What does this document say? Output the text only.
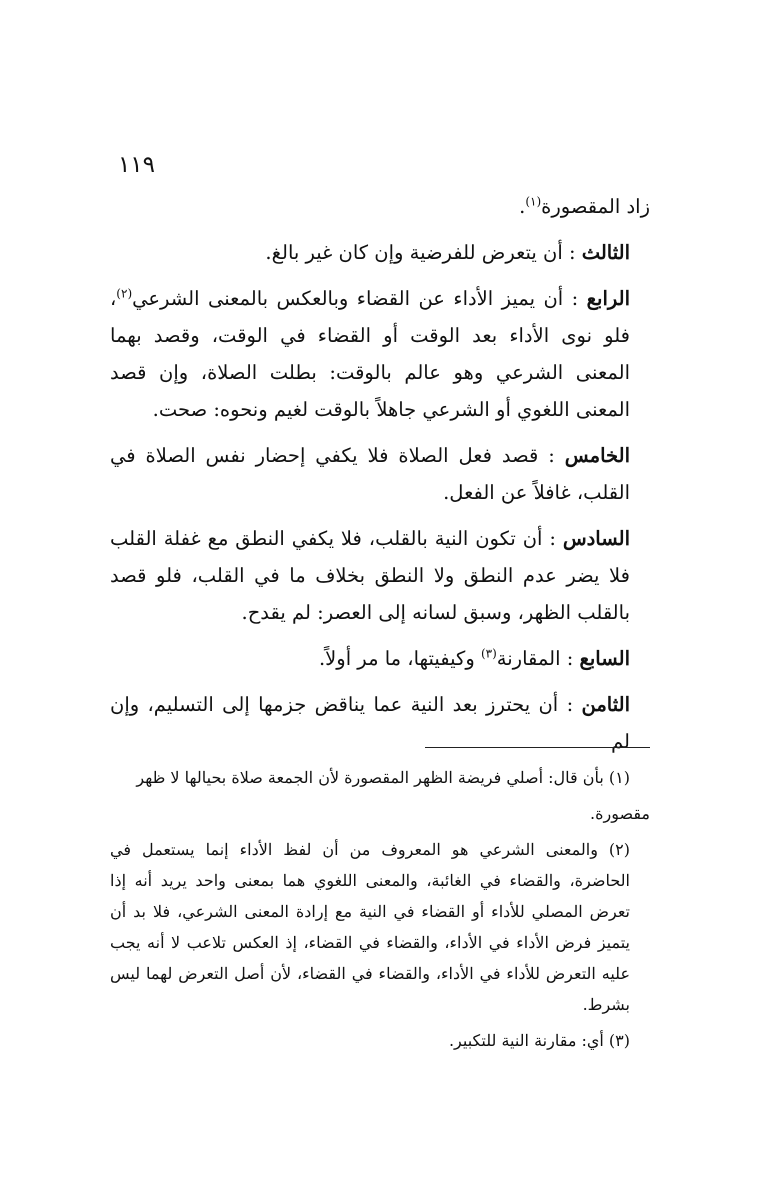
١١٩

زاد المقصورة$^{(١)}$.

الثالث : أن يتعرض للفرضية وإن كان غير بالغ.

الرابع : أن يميز الأداء عن القضاء وبالعكس بالمعنى الشرعي$^{(٢)}$، فلو نوى الأداء بعد الوقت أو القضاء في الوقت، وقصد بهما المعنى الشرعي وهو عالم بالوقت: بطلت الصلاة، وإن قصد المعنى اللغوي أو الشرعي جاهلاً بالوقت لغيم ونحوه: صحت.

الخامس : قصد فعل الصلاة فلا يكفي إحضار نفس الصلاة في القلب، غافلاً عن الفعل.

السادس : أن تكون النية بالقلب، فلا يكفي النطق مع غفلة القلب فلا يضر عدم النطق ولا النطق بخلاف ما في القلب، فلو قصد بالقلب الظهر، وسبق لسانه إلى العصر: لم يقدح.

السابع : المقارنة$^{(٣)}$ وكيفيتها، ما مر أولاً.

الثامن : أن يحترز بعد النية عما يناقض جزمها إلى التسليم، وإن لم

(١) بأن قال: أصلي فريضة الظهر المقصورة لأن الجمعة صلاة بحيالها لا ظهر

مقصورة.

(٢) والمعنى الشرعي هو المعروف من أن لفظ الأداء إنما يستعمل في الحاضرة، والقضاء في الغائبة، والمعنى اللغوي هما بمعنى واحد يريد أنه إذا تعرض المصلي للأداء أو القضاء في النية مع إرادة المعنى الشرعي، فلا بد أن يتميز فرض الأداء في الأداء، والقضاء في القضاء، إذ العكس تلاعب لا أنه يجب عليه التعرض للأداء في الأداء، والقضاء في القضاء، لأن أصل التعرض لهما ليس بشرط.

(٣) أي: مقارنة النية للتكبير.
